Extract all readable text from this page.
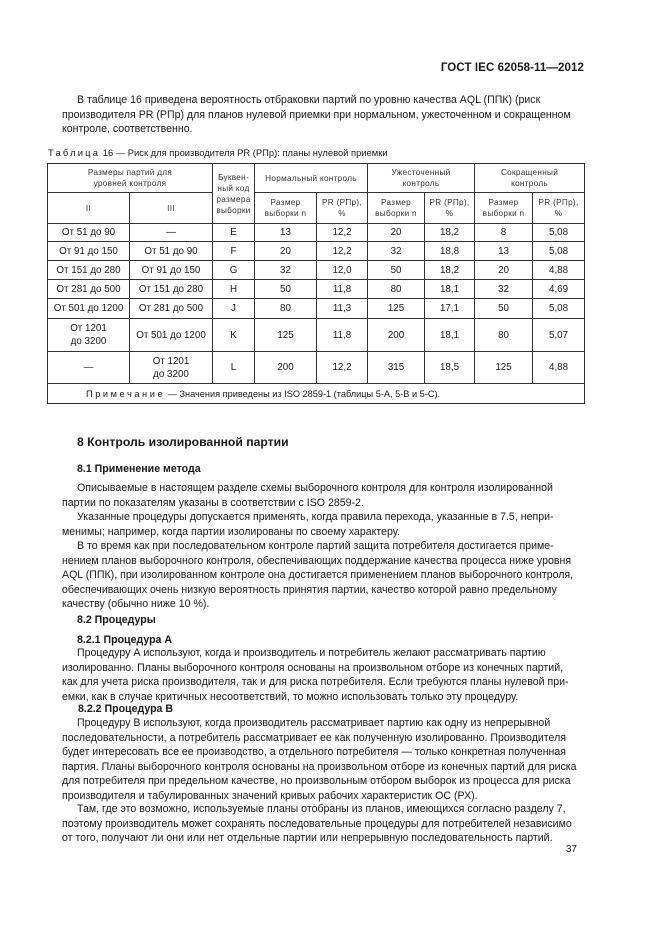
ГОСТ IEC 62058-11—2012

В таблице 16 приведена вероятность отбраковки партий по уровню качества AQL (ППК) (риск
производителя PR (РПр) для планов нулевой приемки при нормальном, ужесточенном и сокращенном
контроле, соответственно.

Таблица 16 — Риск для производителя PR (РПр): планы нулевой приемки
Размеры партий для уровней контроля		Буквен-ный код размера выборки	Нормальный контроль		Ужесточенный контроль		Сокращенный контроль	
II	III		Размер выборки n	PR (РПр), %	Размер выборки n	PR (РПр), %	Размер выборки n	PR (РПр), %
От 51 до 90	—	E	13	12,2	20	18,2	8	5,08
От 91 до 150	От 51 до 90	F	20	12,2	32	18,8	13	5,08
От 151 до 280	От 91 до 150	G	32	12,0	50	18,2	20	4,88
От 281 до 500	От 151 до 280	H	50	11,8	80	18,1	32	4,69
От 501 до 1200	От 281 до 500	J	80	11,3	125	17,1	50	5,08
От 1201 до 3200	От 501 до 1200	K	125	11,8	200	18,1	80	5,07
—	От 1201 до 3200	L	200	12,2	315	18,5	125	4,88
Примечание — Значения приведены из ISO 2859-1 (таблицы 5-А, 5-В и 5-С).								
8 Контроль изолированной партии
8.1 Применение метода

Описываемые в настоящем разделе схемы выборочного контроля для контроля изолированной
партии по показателям указаны в соответствии с ISO 2859-2.

Указанные процедуры допускается применять, когда правила перехода, указанные в 7.5, непри-
менимы; например, когда партии изолированы по своему характеру.

В то время как при последовательном контроле партий защита потребителя достигается приме-
нением планов выборочного контроля, обеспечивающих поддержание качества процесса ниже уровня
AQL (ППК), при изолированном контроле она достигается применением планов выборочного контроля,
обеспечивающих очень низкую вероятность принятия партии, качество которой равно предельному
качеству (обычно ниже 10 %).

8.2 Процедуры
8.2.1 Процедура А

Процедуру А используют, когда и производитель и потребитель желают рассматривать партию
изолированно. Планы выборочного контроля основаны на произвольном отборе из конечных партий,
как для учета риска производителя, так и для риска потребителя. Если требуются планы нулевой при-
емки, как в случае критичных несоответствий, то можно использовать только эту процедуру.

8.2.2 Процедура В

Процедуру В используют, когда производитель рассматривает партию как одну из непрерывной
последовательности, а потребитель рассматривает ее как полученную изолированно. Производителя
будет интересовать все ее производство, а отдельного потребителя — только конкретная полученная
партия. Планы выборочного контроля основаны на произвольном отборе из конечных партий для риска
для потребителя при предельном качестве, но произвольным отбором выборок из процесса для риска
производителя и табулированных значений кривых рабочих характеристик ОС (РХ).

Там, где это возможно, используемые планы отобраны из планов, имеющихся согласно разделу 7,
поэтому производитель может сохранять последовательные процедуры для потребителей независимо
от того, получают ли они или нет отдельные партии или непрерывную последовательность партий.

37
